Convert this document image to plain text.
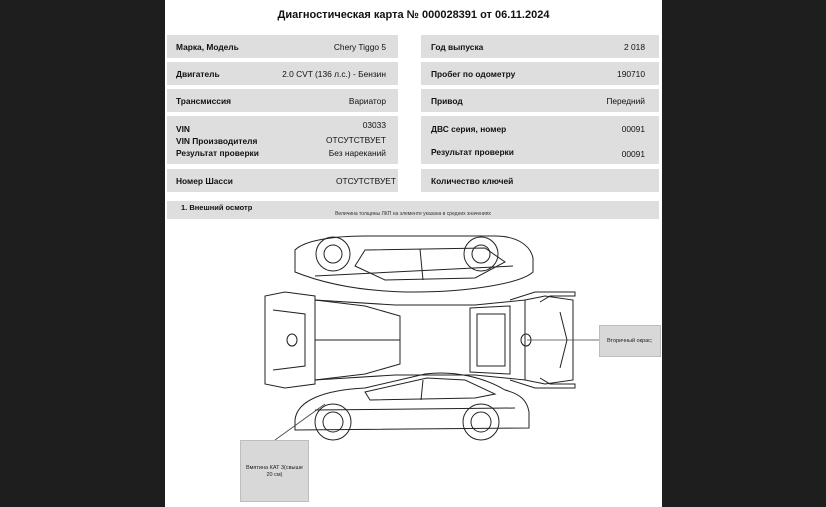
Диагностическая карта № 000028391 от 06.11.2024
Марка, Модель	Chery Tiggo 5	Год выпуска	2 018
Двигатель	2.0 CVT (136 л.с.) - Бензин	Пробег по одометру	190710
Трансмиссия	Вариатор	Привод	Передний
VIN	03033
VIN Производителя	ОТСУТСТВУЕТ
Результат проверки	Без нареканий
ДВС серия, номер	00091
Результат проверки	00091
Номер Шасси	ОТСУТСТВУЕТ	Количество ключей
1. Внешний осмотр
Величина толщины ЛКП на элементе указана в средних значениях
Вторичный окрас;
Вмятина КАТ 3(свыше 20 см)
